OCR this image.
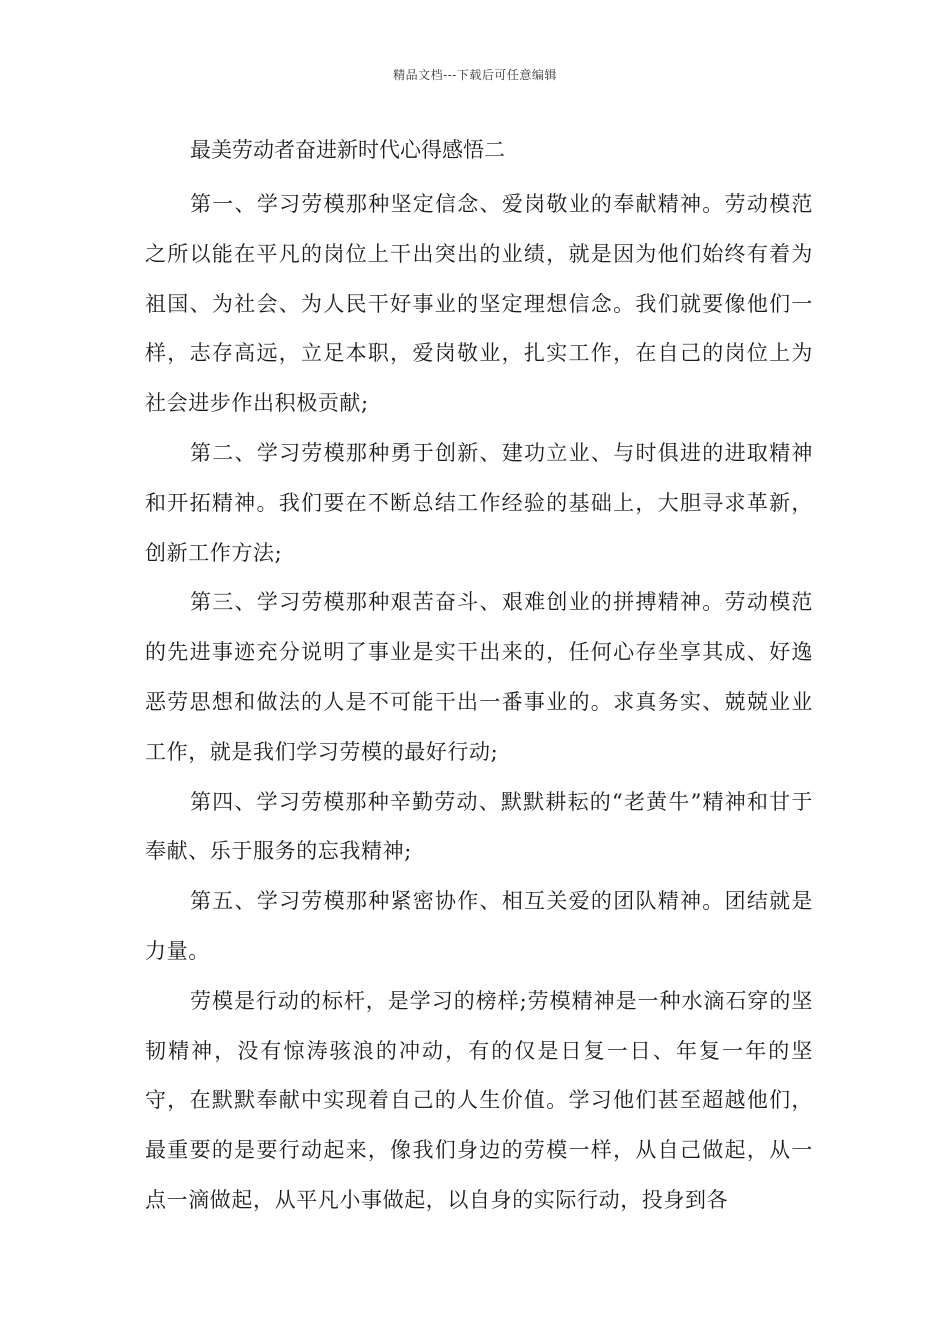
精品文档---下载后可任意编辑
最美劳动者奋进新时代心得感悟二

第一、学习劳模那种坚定信念、爱岗敬业的奉献精神。劳动模范之所以能在平凡的岗位上干出突出的业绩，就是因为他们始终有着为祖国、为社会、为人民干好事业的坚定理想信念。我们就要像他们一样，志存高远，立足本职，爱岗敬业，扎实工作，在自己的岗位上为社会进步作出积极贡献;

第二、学习劳模那种勇于创新、建功立业、与时俱进的进取精神和开拓精神。我们要在不断总结工作经验的基础上，大胆寻求革新，创新工作方法;

第三、学习劳模那种艰苦奋斗、艰难创业的拼搏精神。劳动模范的先进事迹充分说明了事业是实干出来的，任何心存坐享其成、好逸恶劳思想和做法的人是不可能干出一番事业的。求真务实、兢兢业业工作，就是我们学习劳模的最好行动;

第四、学习劳模那种辛勤劳动、默默耕耘的“老黄牛”精神和甘于奉献、乐于服务的忘我精神;

第五、学习劳模那种紧密协作、相互关爱的团队精神。团结就是力量。

劳模是行动的标杆，是学习的榜样;劳模精神是一种水滴石穿的坚韧精神，没有惊涛骇浪的冲动，有的仅是日复一日、年复一年的坚守，在默默奉献中实现着自己的人生价值。学习他们甚至超越他们，最重要的是要行动起来，像我们身边的劳模一样，从自己做起，从一点一滴做起，从平凡小事做起，以自身的实际行动，投身到各
